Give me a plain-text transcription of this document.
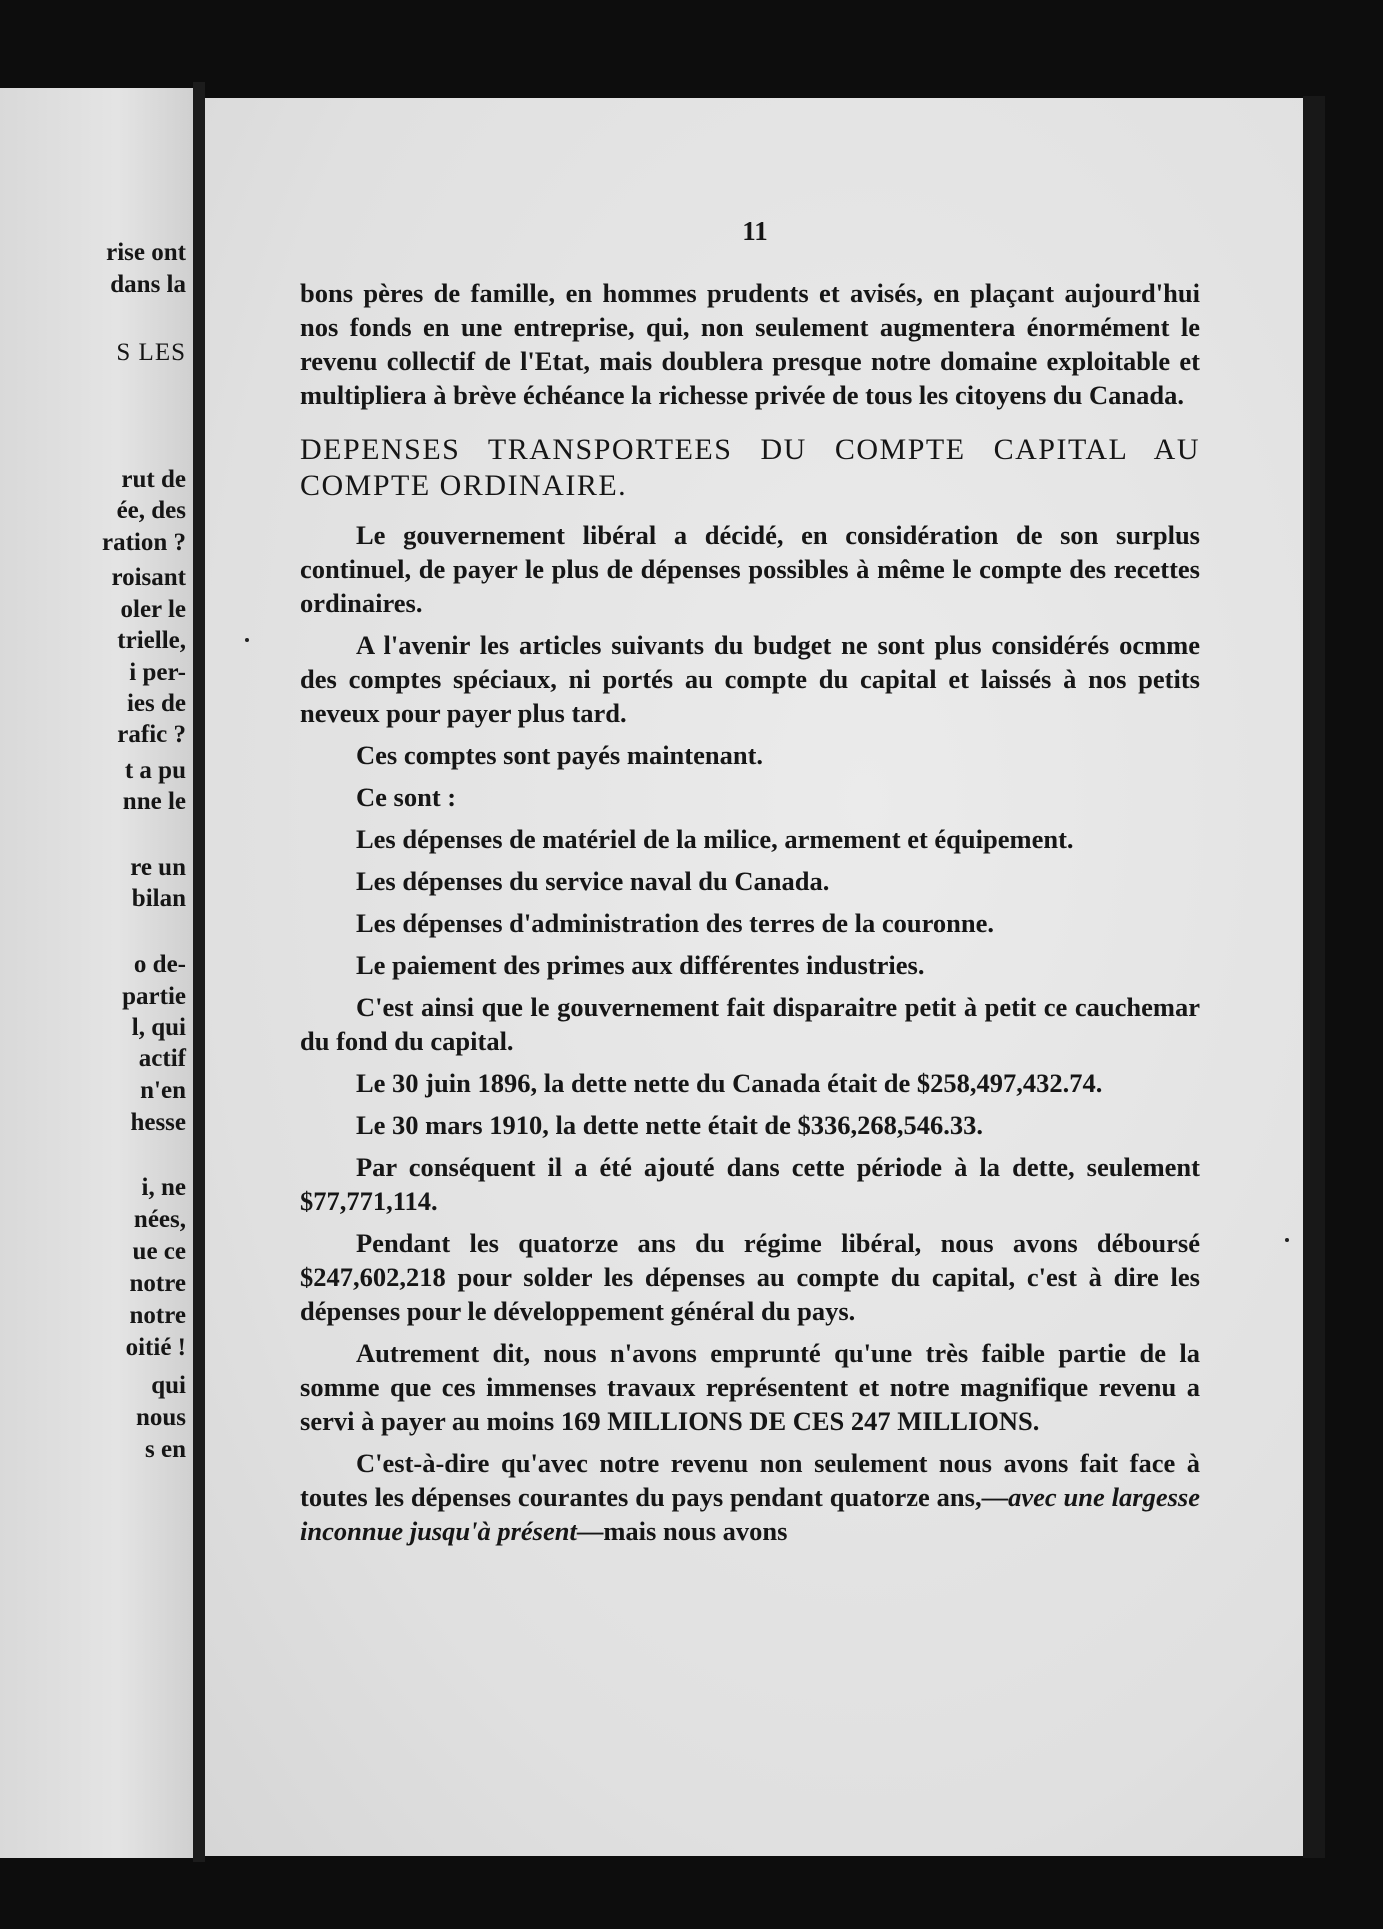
rise ont
dans la
S LES
rut de
ée, des
ration ?
roisant
oler le
trielle,
i per-
ies de
rafic ?
t a pu
nne le
re un
bilan
o de-
partie
l, qui
actif
n'en
hesse
i, ne
nées,
ue ce
notre
notre
oitié !
qui
nous
s en
11

bons pères de famille, en hommes prudents et avisés, en plaçant aujourd'hui nos fonds en une entreprise, qui, non seulement augmentera énormément le revenu collectif de l'Etat, mais doublera presque notre domaine exploitable et multipliera à brève échéance la richesse privée de tous les citoyens du Canada.

DEPENSES TRANSPORTEES DU COMPTE CAPITAL AU COMPTE ORDINAIRE.

Le gouvernement libéral a décidé, en considération de son surplus continuel, de payer le plus de dépenses possibles à même le compte des recettes ordinaires.

A l'avenir les articles suivants du budget ne sont plus considérés ocmme des comptes spéciaux, ni portés au compte du capital et laissés à nos petits neveux pour payer plus tard.

Ces comptes sont payés maintenant.

Ce sont :

Les dépenses de matériel de la milice, armement et équipement.

Les dépenses du service naval du Canada.

Les dépenses d'administration des terres de la couronne.

Le paiement des primes aux différentes industries.

C'est ainsi que le gouvernement fait disparaitre petit à petit ce cauchemar du fond du capital.

Le 30 juin 1896, la dette nette du Canada était de $258,497,432.74.

Le 30 mars 1910, la dette nette était de $336,268,546.33.

Par conséquent il a été ajouté dans cette période à la dette, seulement $77,771,114.

Pendant les quatorze ans du régime libéral, nous avons déboursé $247,602,218 pour solder les dépenses au compte du capital, c'est à dire les dépenses pour le développement général du pays.

Autrement dit, nous n'avons emprunté qu'une très faible partie de la somme que ces immenses travaux représentent et notre magnifique revenu a servi à payer au moins 169 MILLIONS DE CES 247 MILLIONS.

C'est-à-dire qu'avec notre revenu non seulement nous avons fait face à toutes les dépenses courantes du pays pendant quatorze ans,—avec une largesse inconnue jusqu'à présent—mais nous avons
